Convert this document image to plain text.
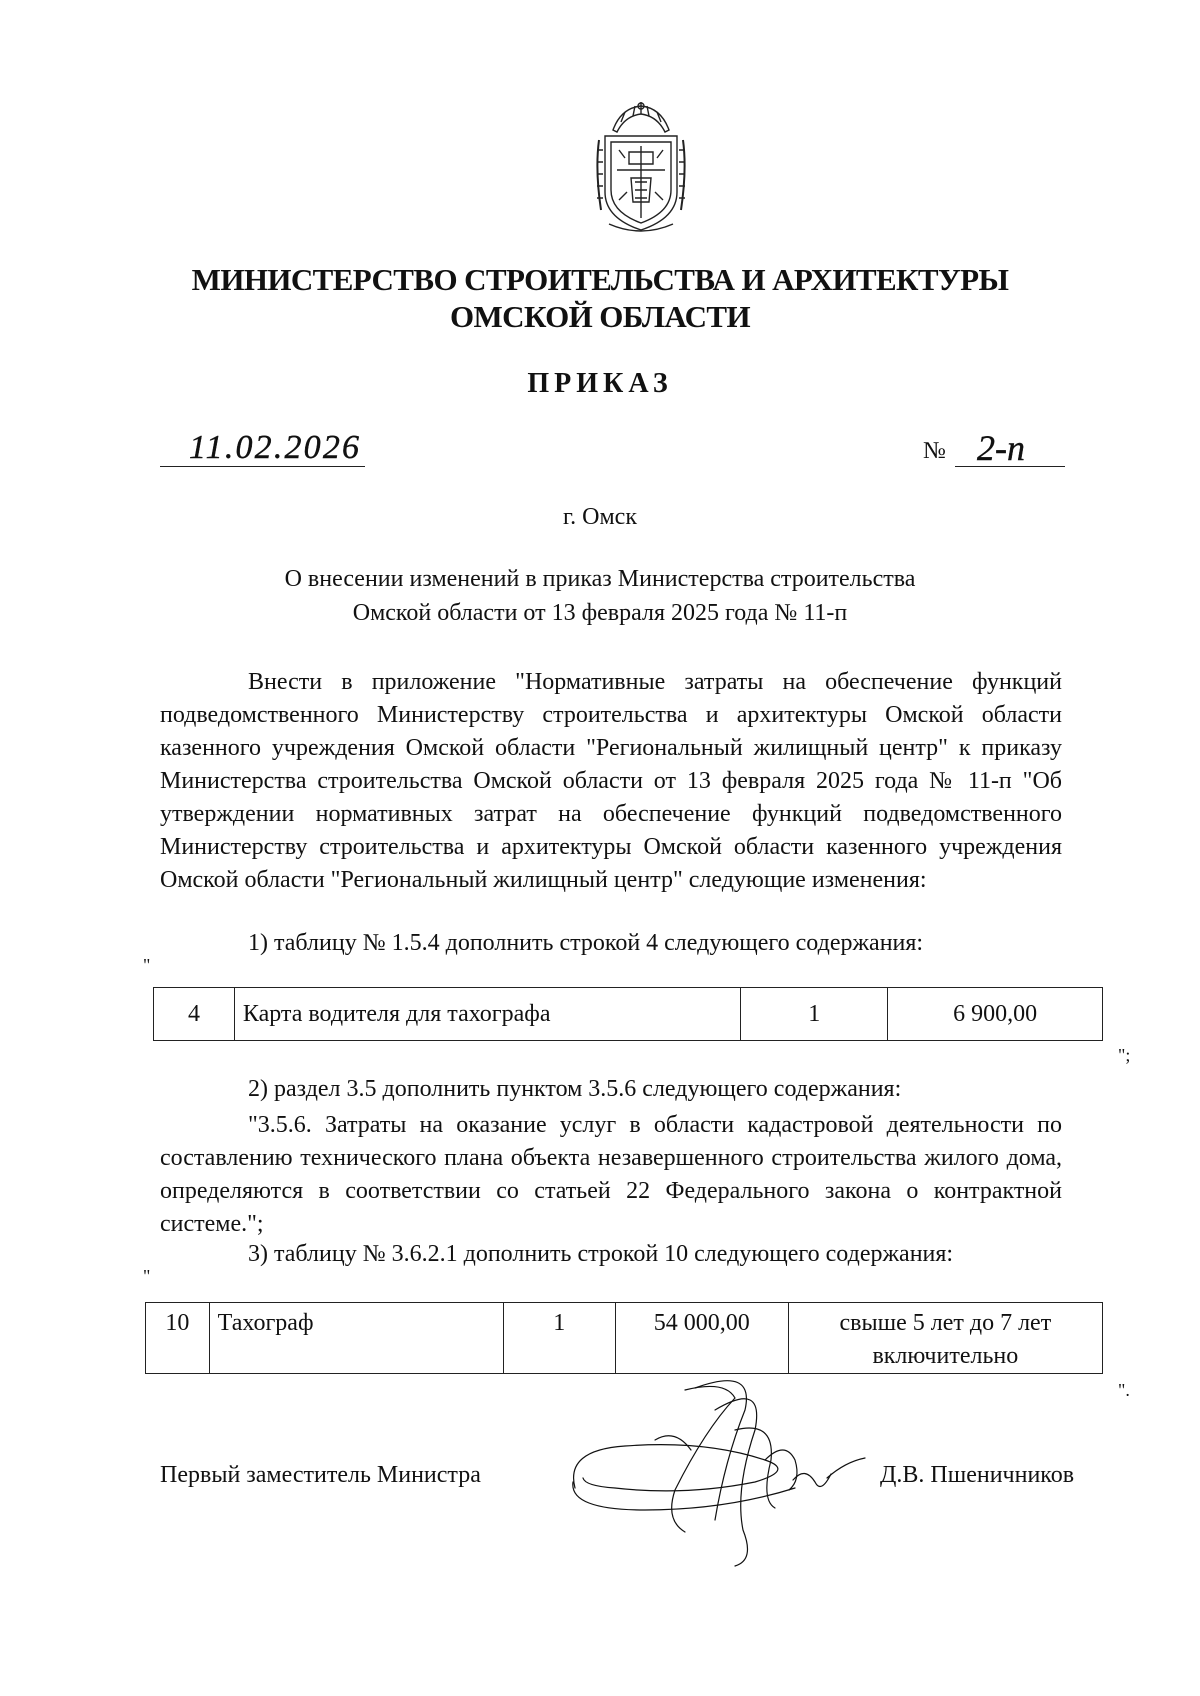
МИНИСТЕРСТВО СТРОИТЕЛЬСТВА И АРХИТЕКТУРЫ
ОМСКОЙ ОБЛАСТИ
ПРИКАЗ
11.02.2026	№ 2-п
г. Омск
О внесении изменений в приказ Министерства строительства
Омской области от 13 февраля 2025 года № 11-п
Внести в приложение "Нормативные затраты на обеспечение функций подведомственного Министерству строительства и архитектуры Омской области казенного учреждения Омской области "Региональный жилищный центр" к приказу Министерства строительства Омской области от 13 февраля 2025 года № 11-п "Об утверждении нормативных затрат на обеспечение функций подведомственного Министерству строительства и архитектуры Омской области казенного учреждения Омской области "Региональный жилищный центр" следующие изменения:
1) таблицу № 1.5.4 дополнить строкой 4 следующего содержания:
"
4	Карта водителя для тахографа	1	6 900,00
";
2) раздел 3.5 дополнить пунктом 3.5.6 следующего содержания:
"3.5.6. Затраты на оказание услуг в области кадастровой деятельности по составлению технического плана объекта незавершенного строительства жилого дома, определяются в соответствии со статьей 22 Федерального закона о контрактной системе.";
3) таблицу № 3.6.2.1 дополнить строкой 10 следующего содержания:
"
10	Тахограф	1	54 000,00	свыше 5 лет до 7 лет включительно
".
Первый заместитель Министра	Д.В. Пшеничников
